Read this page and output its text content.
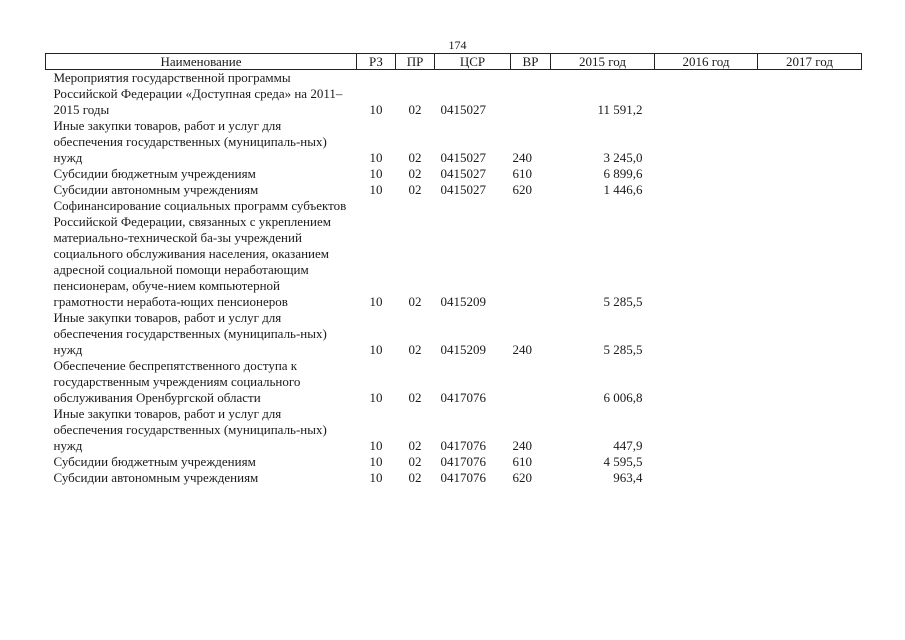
174
Наименование	РЗ	ПР	ЦСР	ВР	2015 год	2016 год	2017 год
Мероприятия государственной программы Российской Федерации «Доступная среда» на 2011–2015 годы	10	02	0415027		11 591,2		
Иные закупки товаров, работ и услуг для обеспечения государственных (муниципаль-ных) нужд	10	02	0415027	240	3 245,0		
Субсидии бюджетным учреждениям	10	02	0415027	610	6 899,6		
Субсидии автономным учреждениям	10	02	0415027	620	1 446,6		
Софинансирование социальных программ субъектов Российской Федерации, связанных с укреплением материально-технической ба-зы учреждений социального обслуживания населения, оказанием адресной социальной помощи неработающим пенсионерам, обуче-нием компьютерной грамотности неработа-ющих пенсионеров	10	02	0415209		5 285,5		
Иные закупки товаров, работ и услуг для обеспечения государственных (муниципаль-ных) нужд	10	02	0415209	240	5 285,5		
Обеспечение беспрепятственного доступа к государственным учреждениям социального обслуживания Оренбургской области	10	02	0417076		6 006,8		
Иные закупки товаров, работ и услуг для обеспечения государственных (муниципаль-ных) нужд	10	02	0417076	240	447,9		
Субсидии бюджетным учреждениям	10	02	0417076	610	4 595,5		
Субсидии автономным учреждениям	10	02	0417076	620	963,4		
